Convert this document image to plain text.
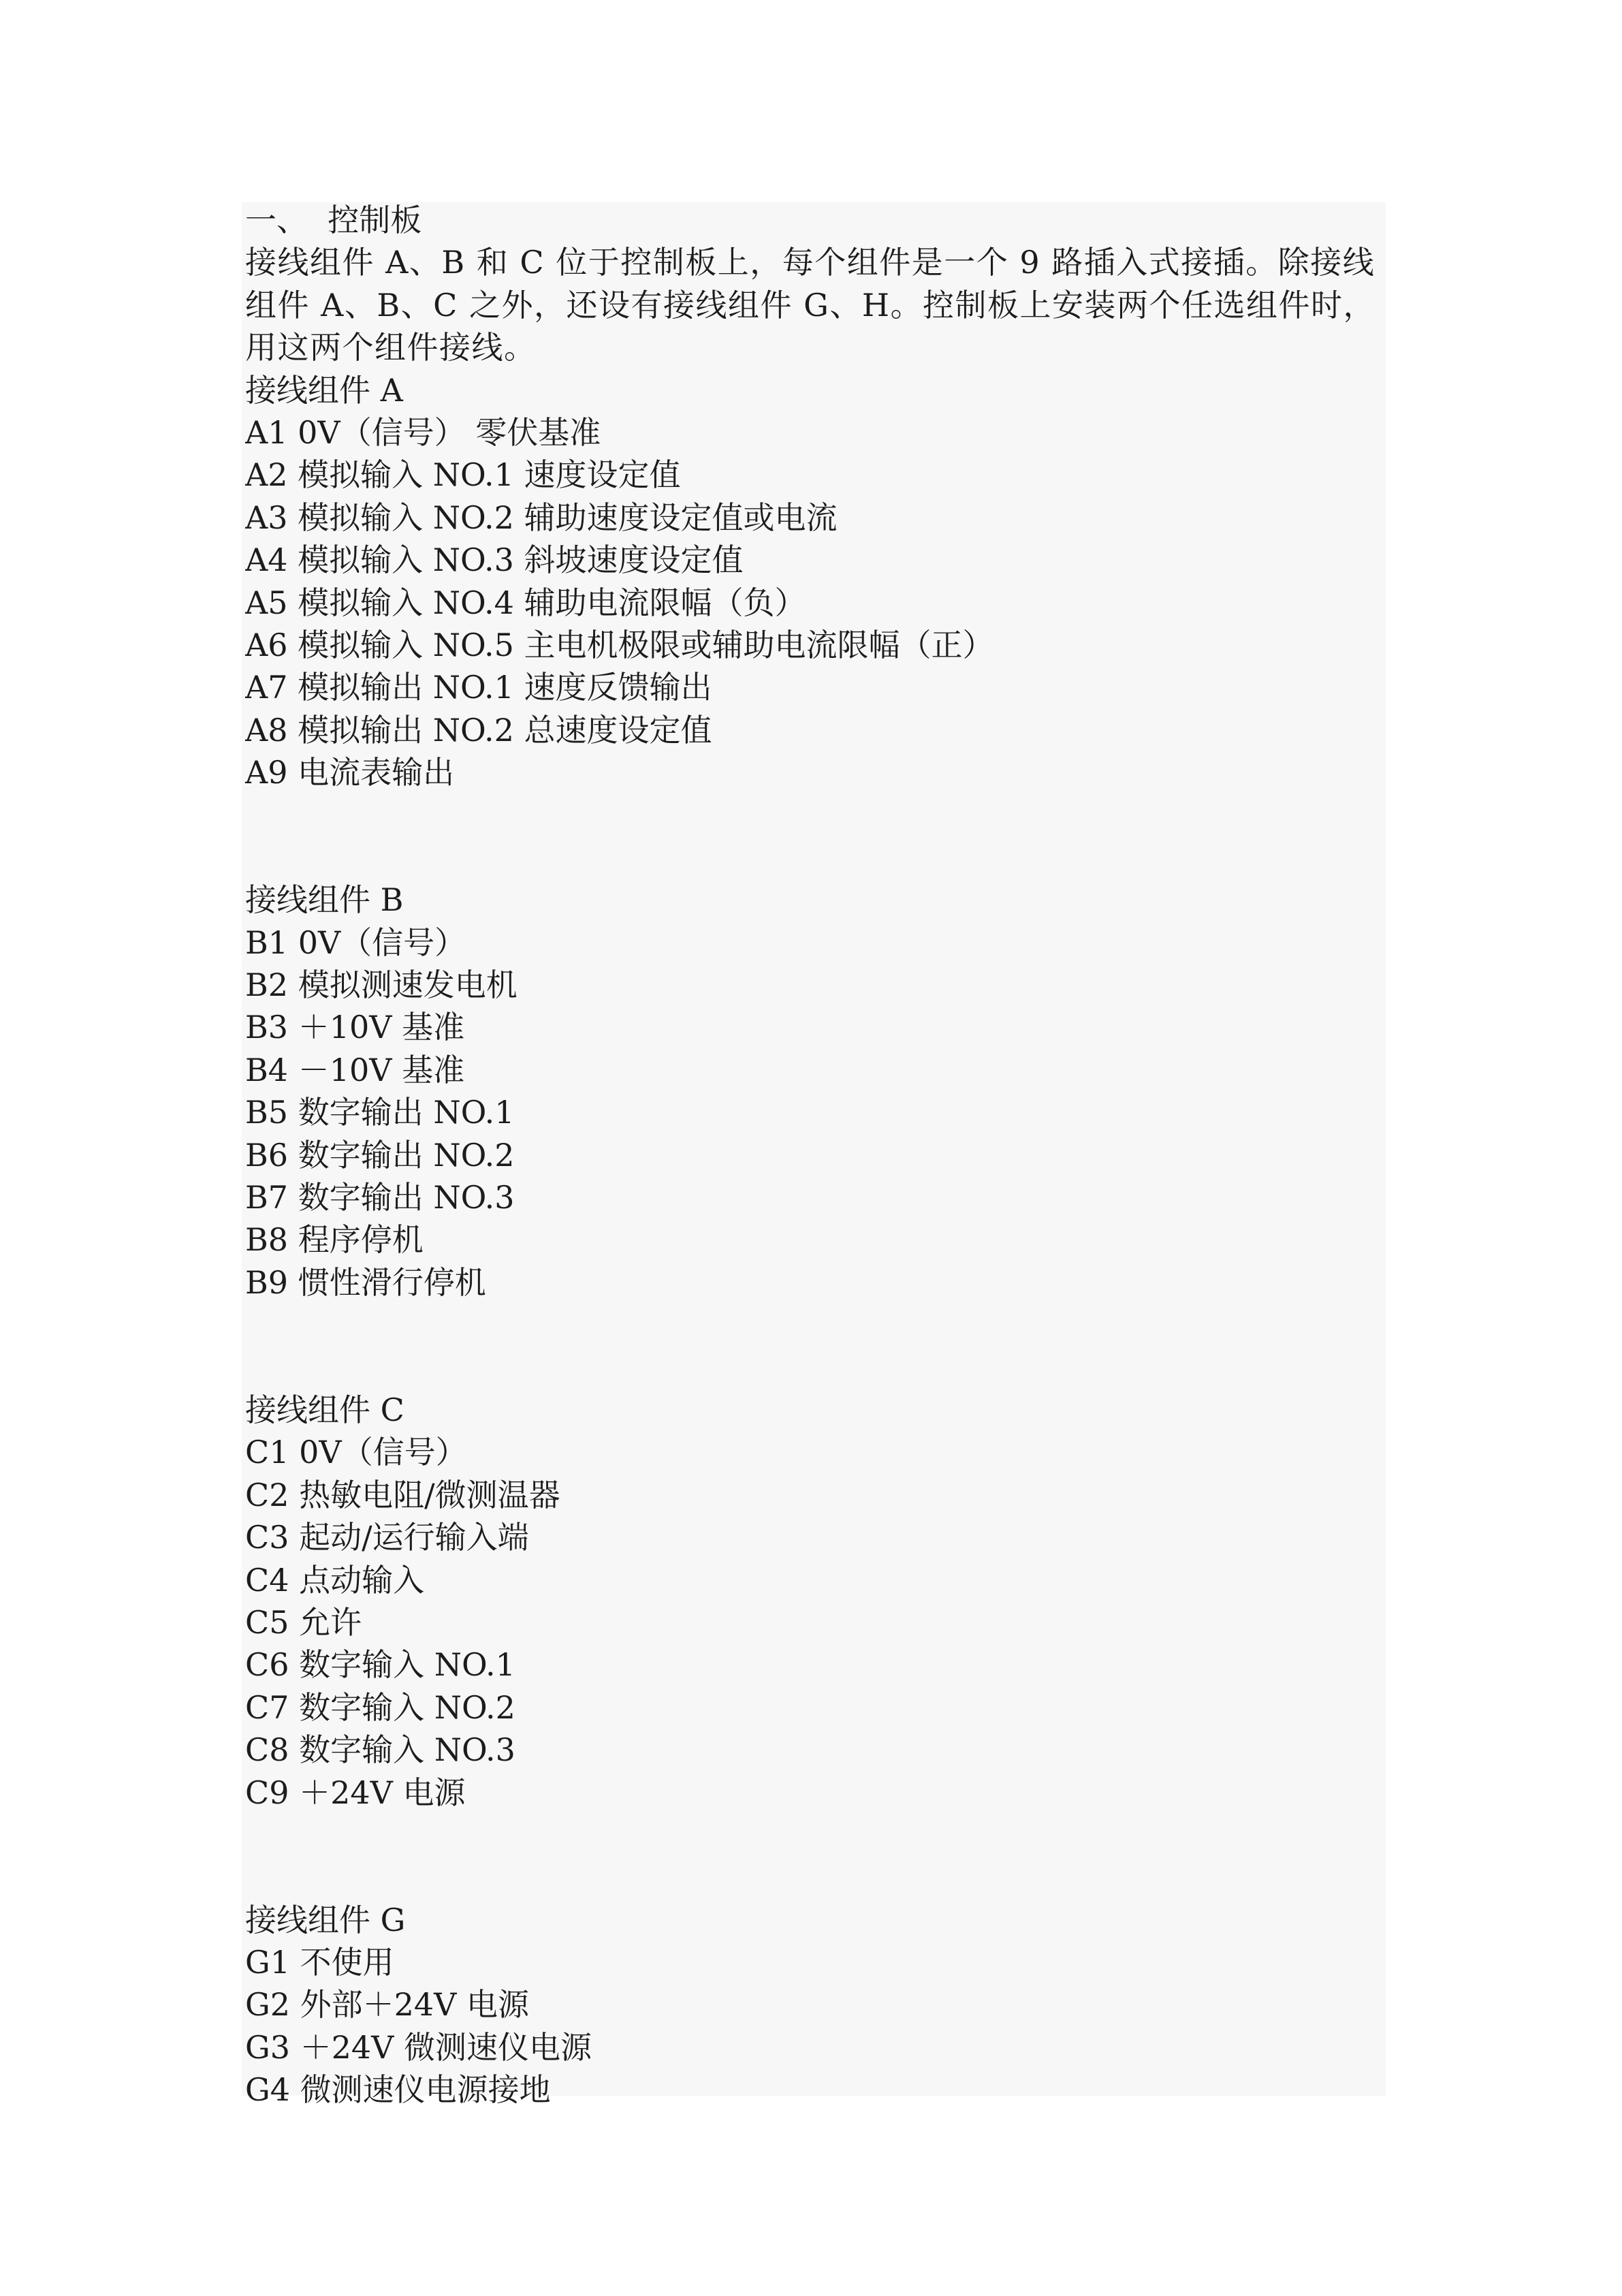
一、  控制板
接线组件 A、B 和 C 位于控制板上，每个组件是一个 9 路插入式接插。除接线组件 A、B、C 之外，还设有接线组件 G、H。控制板上安装两个任选组件时，用这两个组件接线。
接线组件 A
A1 0V（信号） 零伏基准
A2 模拟输入 NO.1 速度设定值
A3 模拟输入 NO.2 辅助速度设定值或电流
A4 模拟输入 NO.3 斜坡速度设定值
A5 模拟输入 NO.4 辅助电流限幅（负）
A6 模拟输入 NO.5 主电机极限或辅助电流限幅（正）
A7 模拟输出 NO.1 速度反馈输出
A8 模拟输出 NO.2 总速度设定值
A9 电流表输出
接线组件 B
B1 0V（信号）
B2 模拟测速发电机
B3 ＋10V 基准
B4 －10V 基准
B5 数字输出 NO.1
B6 数字输出 NO.2
B7 数字输出 NO.3
B8 程序停机
B9 惯性滑行停机
接线组件 C
C1 0V（信号）
C2 热敏电阻/微测温器
C3 起动/运行输入端
C4 点动输入
C5 允许
C6 数字输入 NO.1
C7 数字输入 NO.2
C8 数字输入 NO.3
C9 ＋24V 电源
接线组件 G
G1 不使用
G2 外部＋24V 电源
G3 ＋24V 微测速仪电源
G4 微测速仪电源接地
